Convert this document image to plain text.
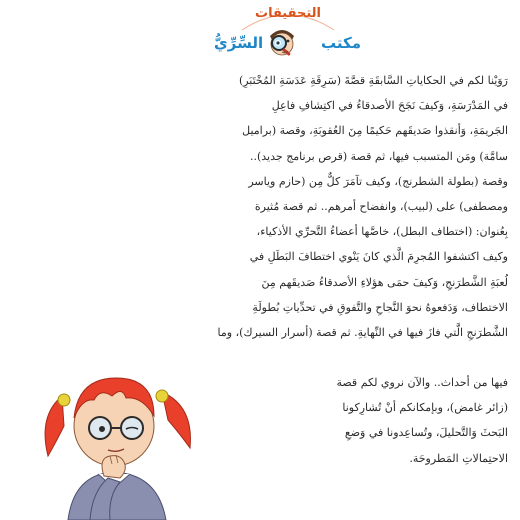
التحقيقات
مكتب
السِّرِّيُّ
رَوَيْنا لكم في الحكاياتِ السَّابقَةِ قصَّةَ (سَرِقَةِ عَدَسَةِ المُخْتَبَرِ)
في المَدْرَسَةِ، وَكيفَ نَجَحَ الأصدقاءُ في اكتِشافِ فاعِلِ
الجَريمَةِ، وَأنقذوا صَديقَهم حَكيمًا مِنَ العُقوبَةِ، وقصة (براميل
سامَّة) ومَن المتسبب فيها، ثم قصة (قرص برنامج جديد)..
وقصة (بطولة الشطرنج)، وكيف تآمَرَ كلٌّ مِن (حازم وياسر
ومصطفى) على (لبيب)، وانفضاح أمرهم.. ثم قصة مُثيرة
بِعُنوان: (اختطاف البطل)، خاصَّها أعضاءُ التَّحرِّي الأذكياء،
وكيف اكتشفوا المُجرِمَ الَّذي كانَ يَنْوي اختطافَ البَطَلِ في
لُعبَةِ الشَّطرَنجِ، وَكيفَ حمَى هؤلاءِ الأصدقاءُ صَديقَهم مِنَ
الاختطاف، وَدَفعوهُ نحوَ النَّجاحِ والتَّفوقِ في تحدِّياتِ بُطولَةِ
الشَّطرَنجِ الَّتي فازَ فيها في النِّهايةِ. ثم قصة (أسرار السيرك)، وما
فيها من أحداث.. والآن نروي لكم قصة
(زائر غامض)، وبإمكانكم أنْ تُشارِكونا
البَحثَ وَالتَّحليلَ، وتُساعِدونا في وَضعِ
الاحتِمالاتِ المَطروحَة.
